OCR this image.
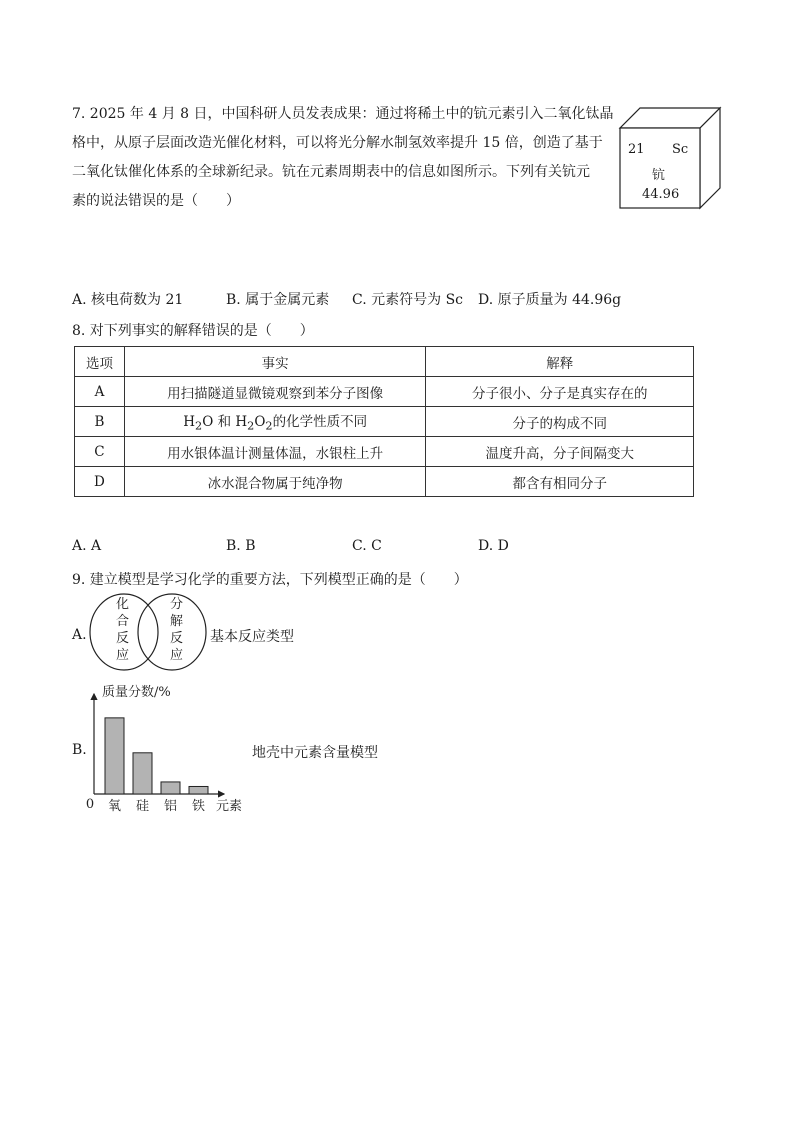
7. 2025 年 4 月 8 日，中国科研人员发表成果：通过将稀土中的钪元素引入二氧化钛晶

格中，从原子层面改造光催化材料，可以将光分解水制氢效率提升 15 倍，创造了基于

二氧化钛催化体系的全球新纪录。钪在元素周期表中的信息如图所示。下列有关钪元

素的说法错误的是（　　）

21 Sc
钪
44.96
A. 核电荷数为 21	B. 属于金属元素 C. 元素符号为 Sc D. 原子质量为 44.96g
8. 对下列事实的解释错误的是（　　）
选项	事实	解释
A	用扫描隧道显微镜观察到苯分子图像	分子很小、分子是真实存在的
B	$H_2O$ 和 $H_2O_2$的化学性质不同	分子的构成不同
C	用水银体温计测量体温，水银柱上升	温度升高，分子间隔变大
D	冰水混合物属于纯净物	都含有相同分子
A. A	B. B	C. C	D. D
9. 建立模型是学习化学的重要方法，下列模型正确的是（　　）
A.
化
合
反
应
分
解
反
应
基本反应类型
B.
质量分数/%
0 氧 硅 铝 铁 元素
地壳中元素含量模型
